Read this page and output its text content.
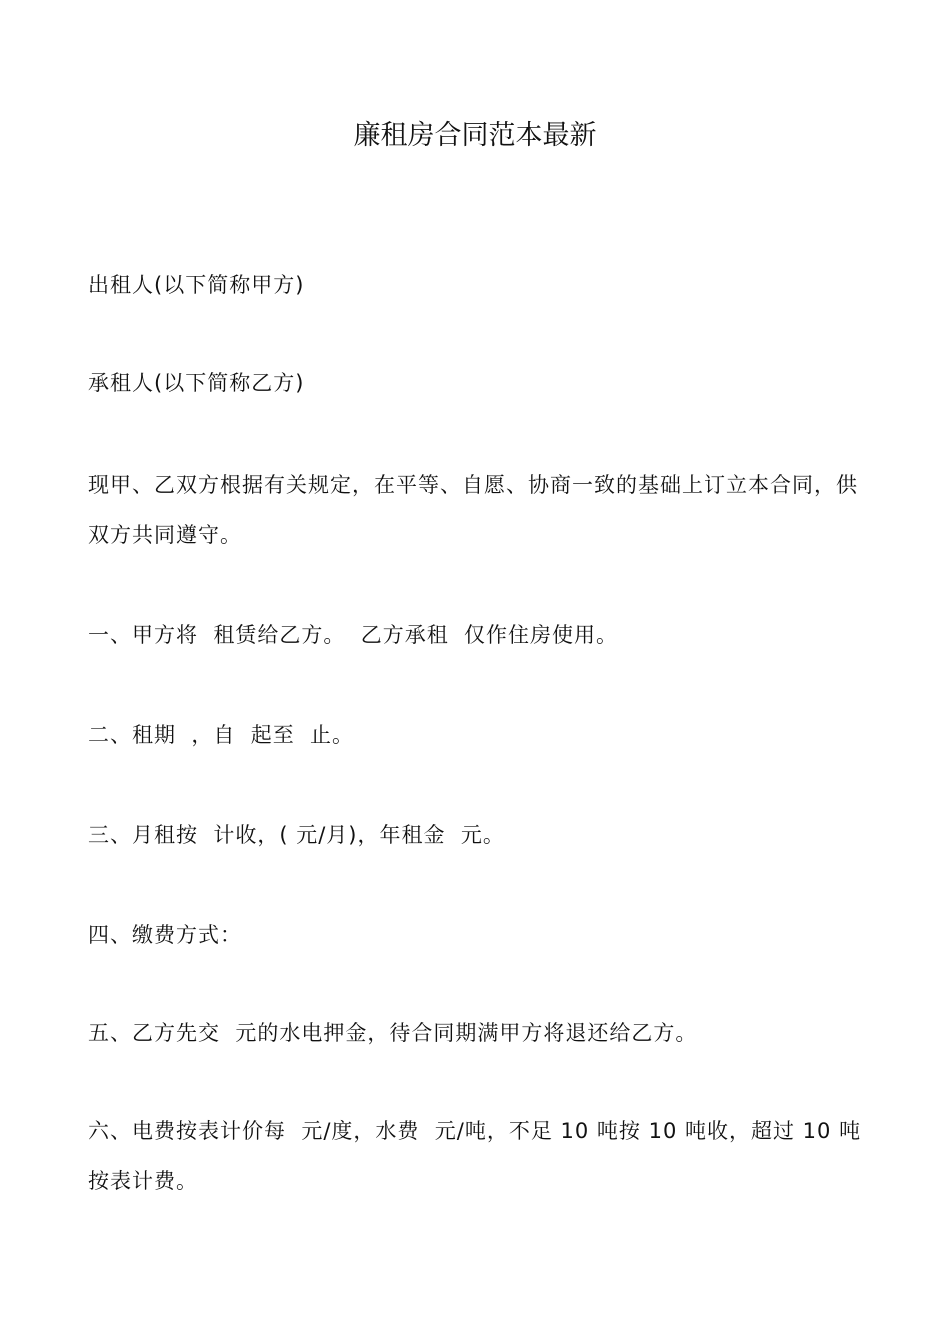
廉租房合同范本最新

出租人(以下简称甲方)

承租人(以下简称乙方)

现甲、乙双方根据有关规定，在平等、自愿、协商一致的基础上订立本合同，供双方共同遵守。

一、甲方将  租赁给乙方。  乙方承租  仅作住房使用。

二、租期  ，自  起至  止。

三、月租按  计收，( 元/月)，年租金  元。

四、缴费方式：

五、乙方先交  元的水电押金，待合同期满甲方将退还给乙方。

六、电费按表计价每  元/度，水费  元/吨，不足 10 吨按 10 吨收，超过 10 吨按表计费。
